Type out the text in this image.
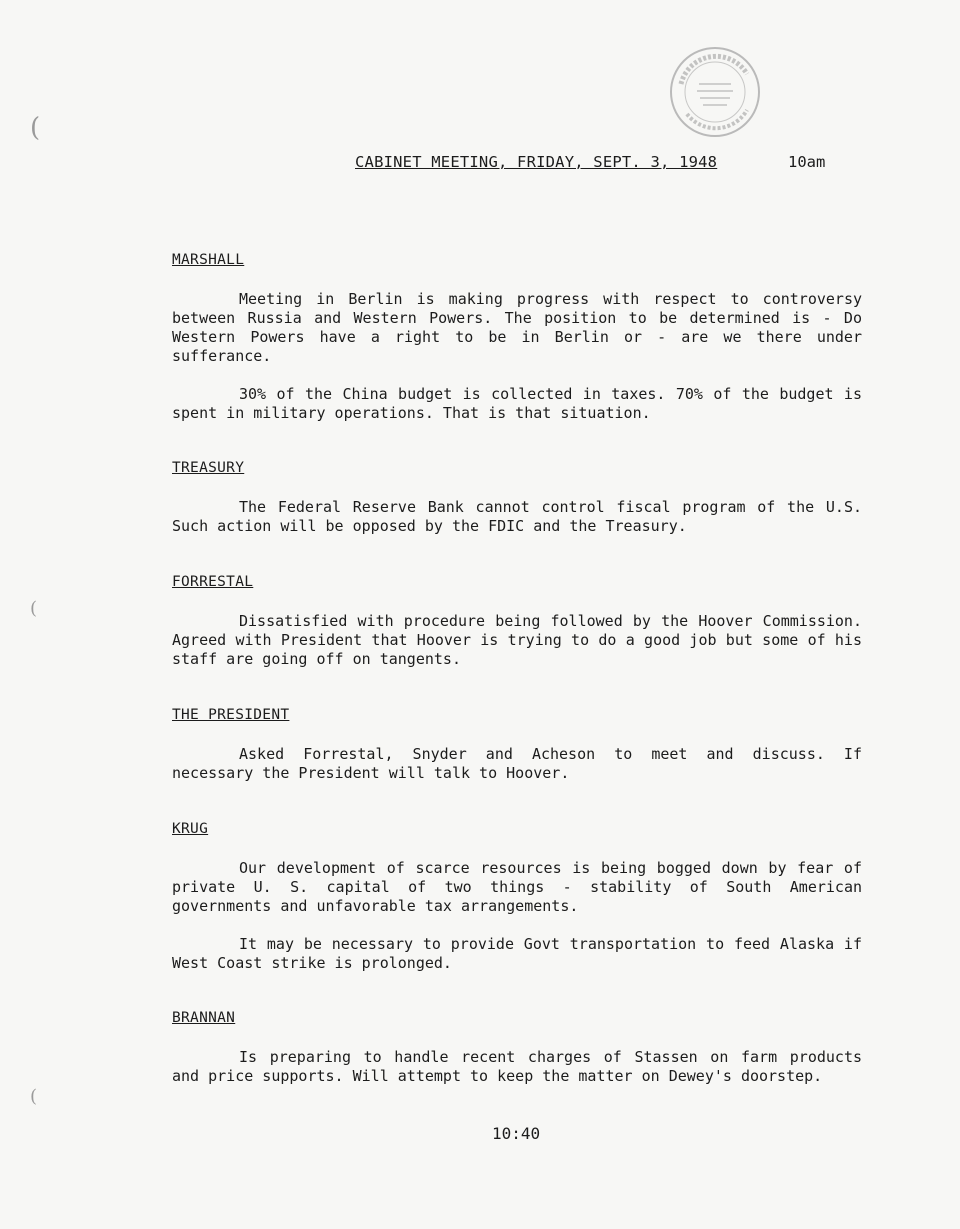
(
(
(
CABINET MEETING, FRIDAY, SEPT. 3, 1948	10am
MARSHALL

Meeting in Berlin is making progress with respect to controversy between Russia and Western Powers. The position to be determined is - Do Western Powers have a right to be in Berlin or - are we there under sufferance.

30% of the China budget is collected in taxes. 70% of the budget is spent in military operations. That is that situation.

TREASURY

The Federal Reserve Bank cannot control fiscal program of the U.S. Such action will be opposed by the FDIC and the Treasury.

FORRESTAL

Dissatisfied with procedure being followed by the Hoover Commission. Agreed with President that Hoover is trying to do a good job but some of his staff are going off on tangents.

THE PRESIDENT

Asked Forrestal, Snyder and Acheson to meet and discuss. If necessary the President will talk to Hoover.

KRUG

Our development of scarce resources is being bogged down by fear of private U. S. capital of two things - stability of South American governments and unfavorable tax arrangements.

It may be necessary to provide Govt transportation to feed Alaska if West Coast strike is prolonged.

BRANNAN

Is preparing to handle recent charges of Stassen on farm products and price supports. Will attempt to keep the matter on Dewey's doorstep.

10:40
